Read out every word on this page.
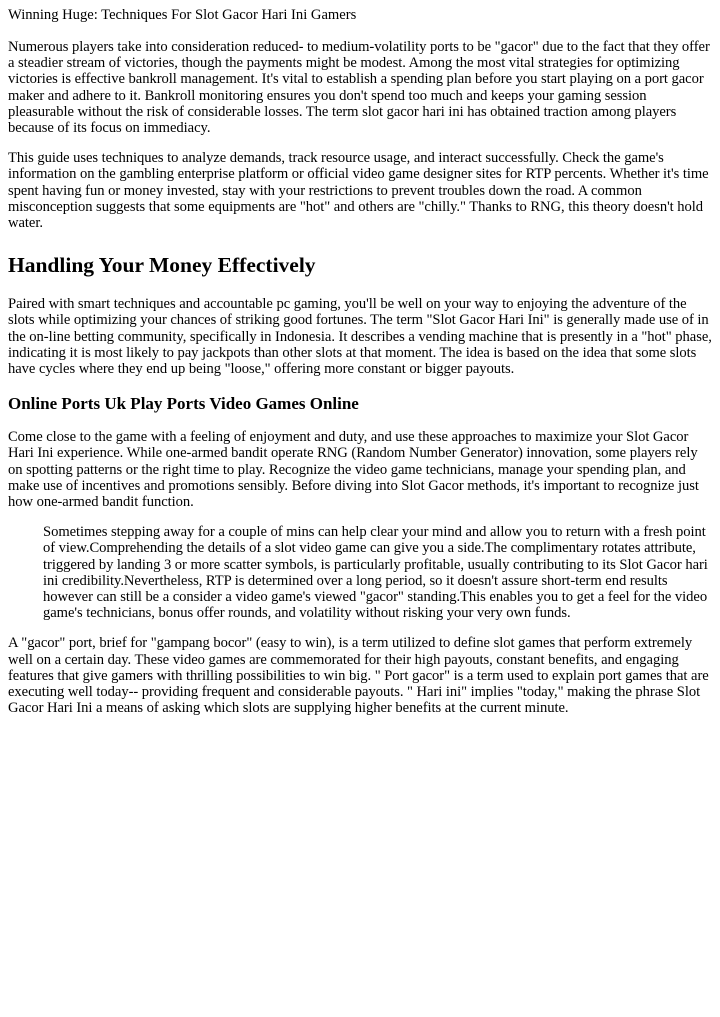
Winning Huge: Techniques For Slot Gacor Hari Ini Gamers

Numerous players take into consideration reduced- to medium-volatility ports to be "gacor" due to the fact that they offer a steadier stream of victories, though the payments might be modest. Among the most vital strategies for optimizing victories is effective bankroll management. It's vital to establish a spending plan before you start playing on a port gacor maker and adhere to it. Bankroll monitoring ensures you don't spend too much and keeps your gaming session pleasurable without the risk of considerable losses. The term slot gacor hari ini has obtained traction among players because of its focus on immediacy.

This guide uses techniques to analyze demands, track resource usage, and interact successfully. Check the game's information on the gambling enterprise platform or official video game designer sites for RTP percents. Whether it's time spent having fun or money invested, stay with your restrictions to prevent troubles down the road. A common misconception suggests that some equipments are "hot" and others are "chilly." Thanks to RNG, this theory doesn't hold water.

Handling Your Money Effectively

Paired with smart techniques and accountable pc gaming, you'll be well on your way to enjoying the adventure of the slots while optimizing your chances of striking good fortunes. The term "Slot Gacor Hari Ini" is generally made use of in the on-line betting community, specifically in Indonesia. It describes a vending machine that is presently in a "hot" phase, indicating it is most likely to pay jackpots than other slots at that moment. The idea is based on the idea that some slots have cycles where they end up being "loose," offering more constant or bigger payouts.

Online Ports Uk Play Ports Video Games Online

Come close to the game with a feeling of enjoyment and duty, and use these approaches to maximize your Slot Gacor Hari Ini experience. While one-armed bandit operate RNG (Random Number Generator) innovation, some players rely on spotting patterns or the right time to play. Recognize the video game technicians, manage your spending plan, and make use of incentives and promotions sensibly. Before diving into Slot Gacor methods, it's important to recognize just how one-armed bandit function.

Sometimes stepping away for a couple of mins can help clear your mind and allow you to return with a fresh point of view.Comprehending the details of a slot video game can give you a side.The complimentary rotates attribute, triggered by landing 3 or more scatter symbols, is particularly profitable, usually contributing to its Slot Gacor hari ini credibility.Nevertheless, RTP is determined over a long period, so it doesn't assure short-term end results however can still be a consider a video game's viewed "gacor" standing.This enables you to get a feel for the video game's technicians, bonus offer rounds, and volatility without risking your very own funds.

A "gacor" port, brief for "gampang bocor" (easy to win), is a term utilized to define slot games that perform extremely well on a certain day. These video games are commemorated for their high payouts, constant benefits, and engaging features that give gamers with thrilling possibilities to win big. " Port gacor" is a term used to explain port games that are executing well today-- providing frequent and considerable payouts. " Hari ini" implies "today," making the phrase Slot Gacor Hari Ini a means of asking which slots are supplying higher benefits at the current minute.
